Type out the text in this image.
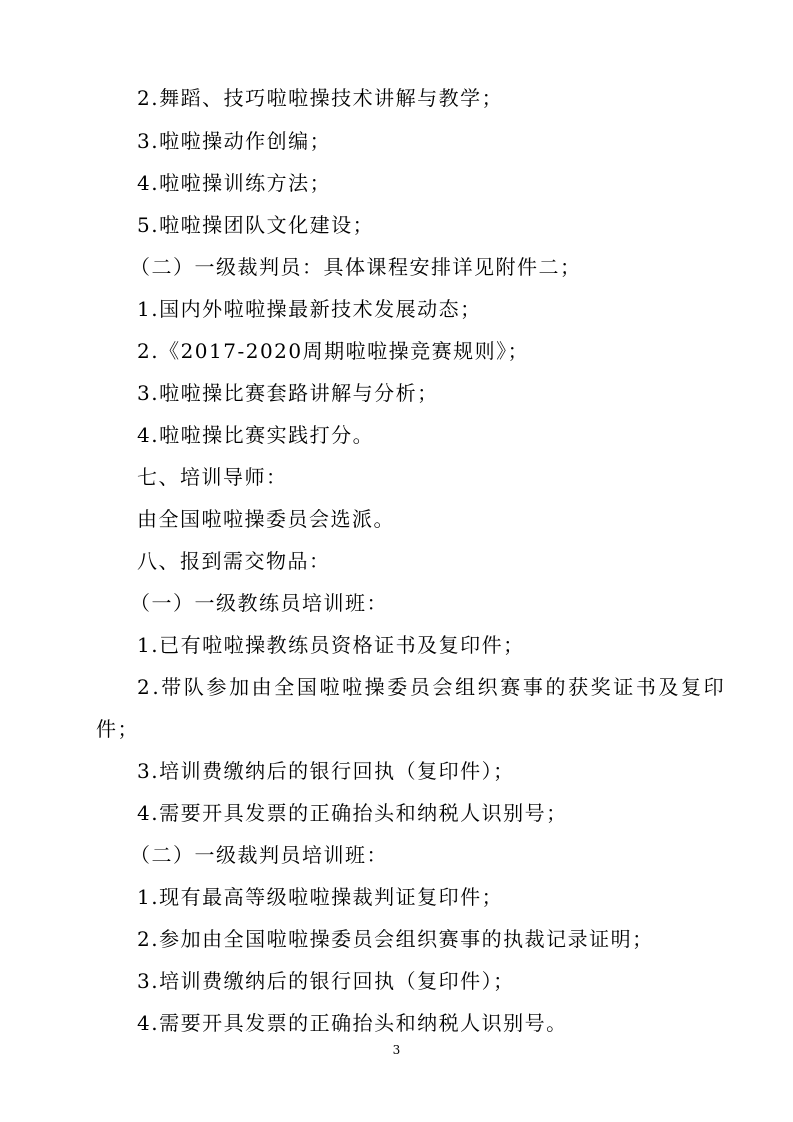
2.舞蹈、技巧啦啦操技术讲解与教学；
3.啦啦操动作创编；
4.啦啦操训练方法；
5.啦啦操团队文化建设；
（二）一级裁判员：具体课程安排详见附件二；
1.国内外啦啦操最新技术发展动态；
2.《2017-2020周期啦啦操竞赛规则》；
3.啦啦操比赛套路讲解与分析；
4.啦啦操比赛实践打分。
七、培训导师：
由全国啦啦操委员会选派。
八、报到需交物品：
（一）一级教练员培训班：
1.已有啦啦操教练员资格证书及复印件；
2.带队参加由全国啦啦操委员会组织赛事的获奖证书及复印
件；
3.培训费缴纳后的银行回执（复印件）；
4.需要开具发票的正确抬头和纳税人识别号；
（二）一级裁判员培训班：
1.现有最高等级啦啦操裁判证复印件；
2.参加由全国啦啦操委员会组织赛事的执裁记录证明；
3.培训费缴纳后的银行回执（复印件）；
4.需要开具发票的正确抬头和纳税人识别号。
3
